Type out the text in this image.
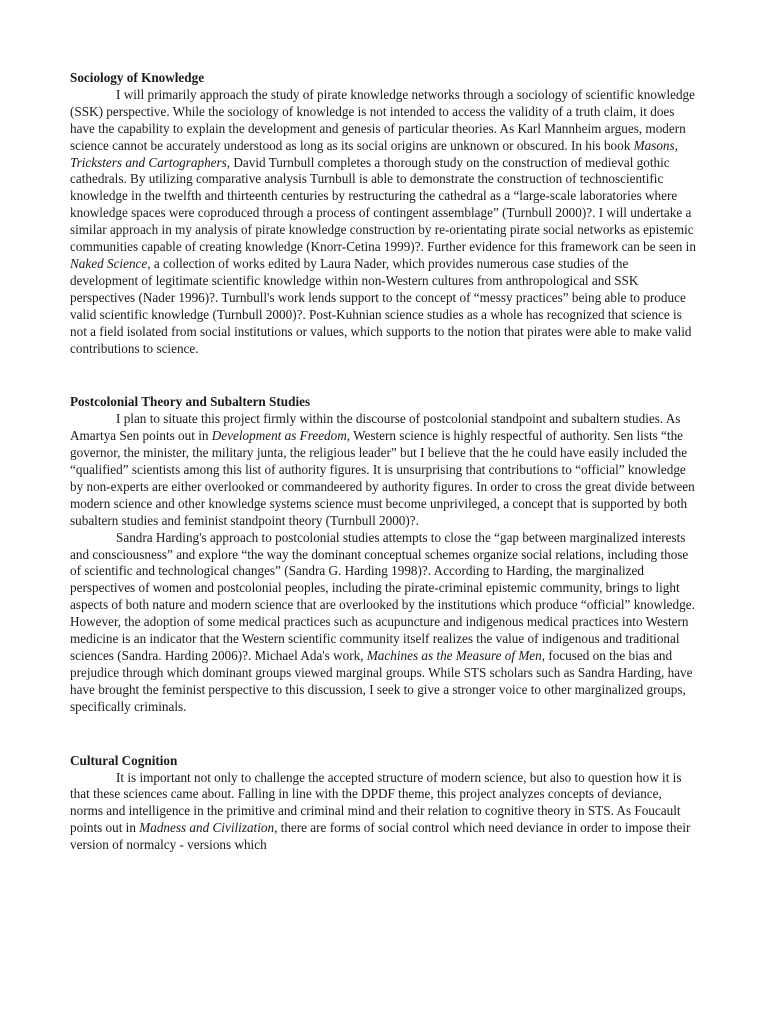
Sociology of Knowledge

I will primarily approach the study of pirate knowledge networks through a sociology of scientific knowledge (SSK) perspective. While the sociology of knowledge is not intended to access the validity of a truth claim, it does have the capability to explain the development and genesis of particular theories. As Karl Mannheim argues, modern science cannot be accurately understood as long as its social origins are unknown or obscured. In his book Masons, Tricksters and Cartographers, David Turnbull completes a thorough study on the construction of medieval gothic cathedrals. By utilizing comparative analysis Turnbull is able to demonstrate the construction of technoscientific knowledge in the twelfth and thirteenth centuries by restructuring the cathedral as a “large-scale laboratories where knowledge spaces were coproduced through a process of contingent assemblage” (Turnbull 2000)?. I will undertake a similar approach in my analysis of pirate knowledge construction by re-orientating pirate social networks as epistemic communities capable of creating knowledge (Knorr-Cetina 1999)?. Further evidence for this framework can be seen in Naked Science, a collection of works edited by Laura Nader, which provides numerous case studies of the development of legitimate scientific knowledge within non-Western cultures from anthropological and SSK perspectives (Nader 1996)?. Turnbull's work lends support to the concept of “messy practices” being able to produce valid scientific knowledge (Turnbull 2000)?. Post-Kuhnian science studies as a whole has recognized that science is not a field isolated from social institutions or values, which supports to the notion that pirates were able to make valid contributions to science.

Postcolonial Theory and Subaltern Studies

I plan to situate this project firmly within the discourse of postcolonial standpoint and subaltern studies. As Amartya Sen points out in Development as Freedom, Western science is highly respectful of authority. Sen lists “the governor, the minister, the military junta, the religious leader” but I believe that the he could have easily included the “qualified” scientists among this list of authority figures. It is unsurprising that contributions to “official” knowledge by non-experts are either overlooked or commandeered by authority figures. In order to cross the great divide between modern science and other knowledge systems science must become unprivileged, a concept that is supported by both subaltern studies and feminist standpoint theory (Turnbull 2000)?.

Sandra Harding's approach to postcolonial studies attempts to close the “gap between marginalized interests and consciousness” and explore “the way the dominant conceptual schemes organize social relations, including those of scientific and technological changes” (Sandra G. Harding 1998)?. According to Harding, the marginalized perspectives of women and postcolonial peoples, including the pirate-criminal epistemic community, brings to light aspects of both nature and modern science that are overlooked by the institutions which produce “official” knowledge. However, the adoption of some medical practices such as acupuncture and indigenous medical practices into Western medicine is an indicator that the Western scientific community itself realizes the value of indigenous and traditional sciences (Sandra. Harding 2006)?. Michael Ada's work, Machines as the Measure of Men, focused on the bias and prejudice through which dominant groups viewed marginal groups. While STS scholars such as Sandra Harding, have have brought the feminist perspective to this discussion, I seek to give a stronger voice to other marginalized groups, specifically criminals.

Cultural Cognition

It is important not only to challenge the accepted structure of modern science, but also to question how it is that these sciences came about. Falling in line with the DPDF theme, this project analyzes concepts of deviance, norms and intelligence in the primitive and criminal mind and their relation to cognitive theory in STS. As Foucault points out in Madness and Civilization, there are forms of social control which need deviance in order to impose their version of normalcy - versions which
